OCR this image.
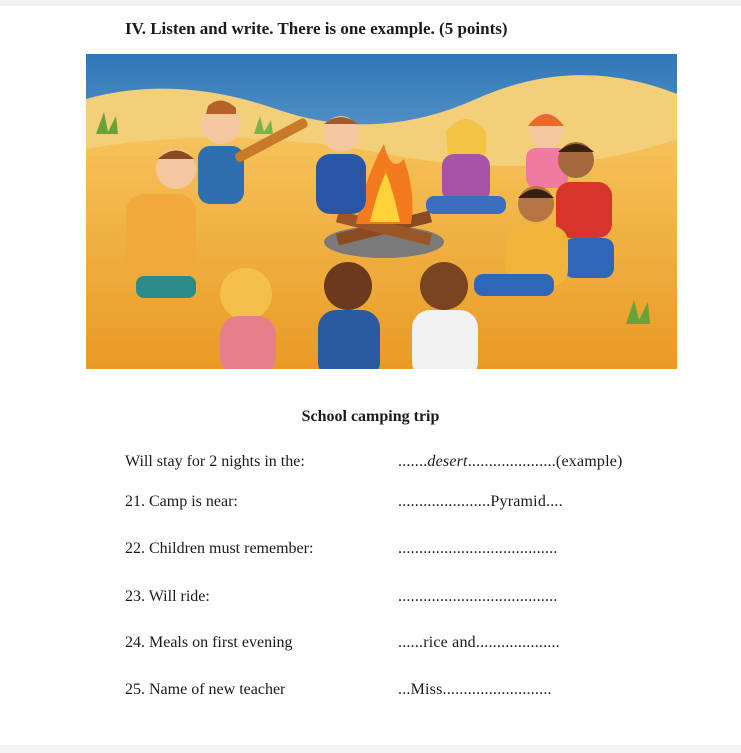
IV. Listen and write. There is one example. (5 points)
School camping trip
Will stay for 2 nights in the:	.......desert.....................(example)
21. Camp is near:	......................Pyramid....
22. Children must remember:	......................................
23. Will ride:	......................................
24. Meals on first evening	......rice and....................
25. Name of new teacher	...Miss..........................
